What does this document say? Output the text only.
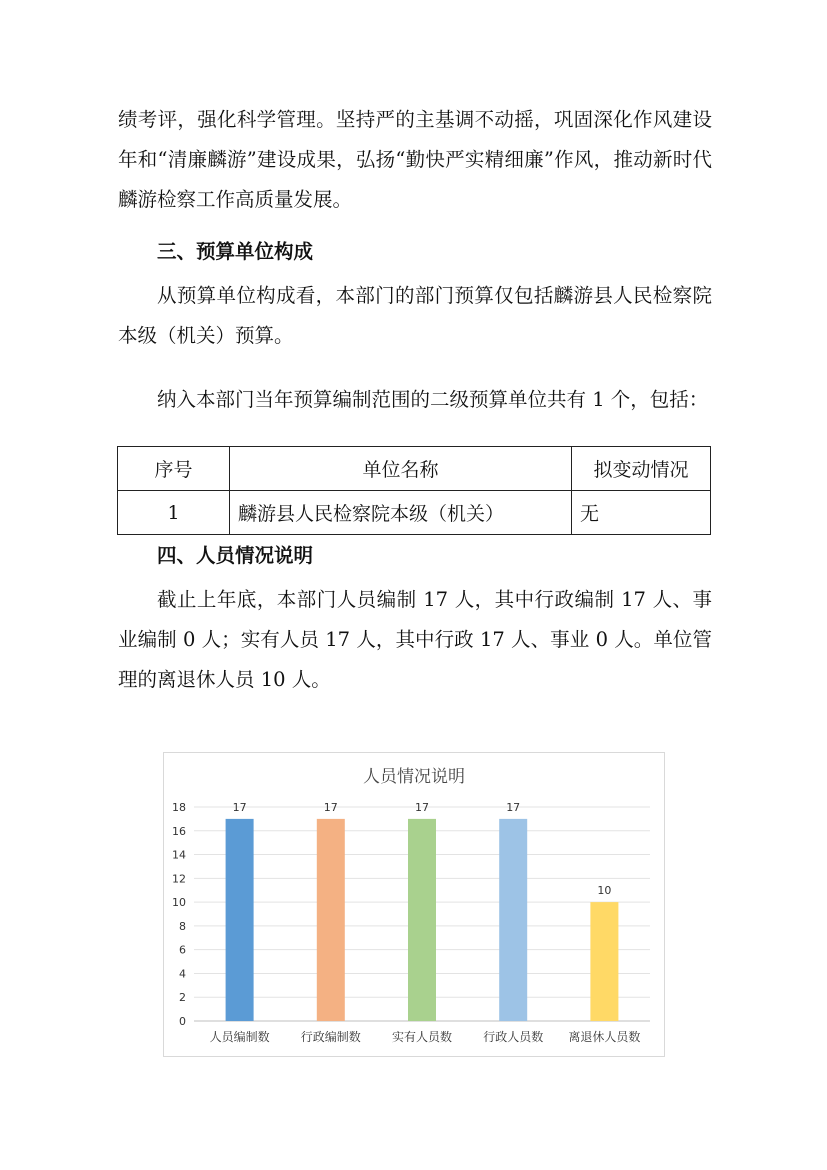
绩考评，强化科学管理。坚持严的主基调不动摇，巩固深化作风建设年和“清廉麟游”建设成果，弘扬“勤快严实精细廉”作风，推动新时代麟游检察工作高质量发展。

三、预算单位构成

从预算单位构成看，本部门的部门预算仅包括麟游县人民检察院本级（机关）预算。

纳入本部门当年预算编制范围的二级预算单位共有 1 个，包括：

序号	单位名称	拟变动情况
1	麟游县人民检察院本级（机关）	无

四、人员情况说明

截止上年底，本部门人员编制 17 人，其中行政编制 17 人、事业编制 0 人；实有人员 17 人，其中行政 17 人、事业 0 人。单位管理的离退休人员 10 人。

人员情况说明
0
2
4
6
8
10
12
14
16
18	17
人员编制数
17
行政编制数
17
实有人员数
17
行政人员数
10
离退休人员数
